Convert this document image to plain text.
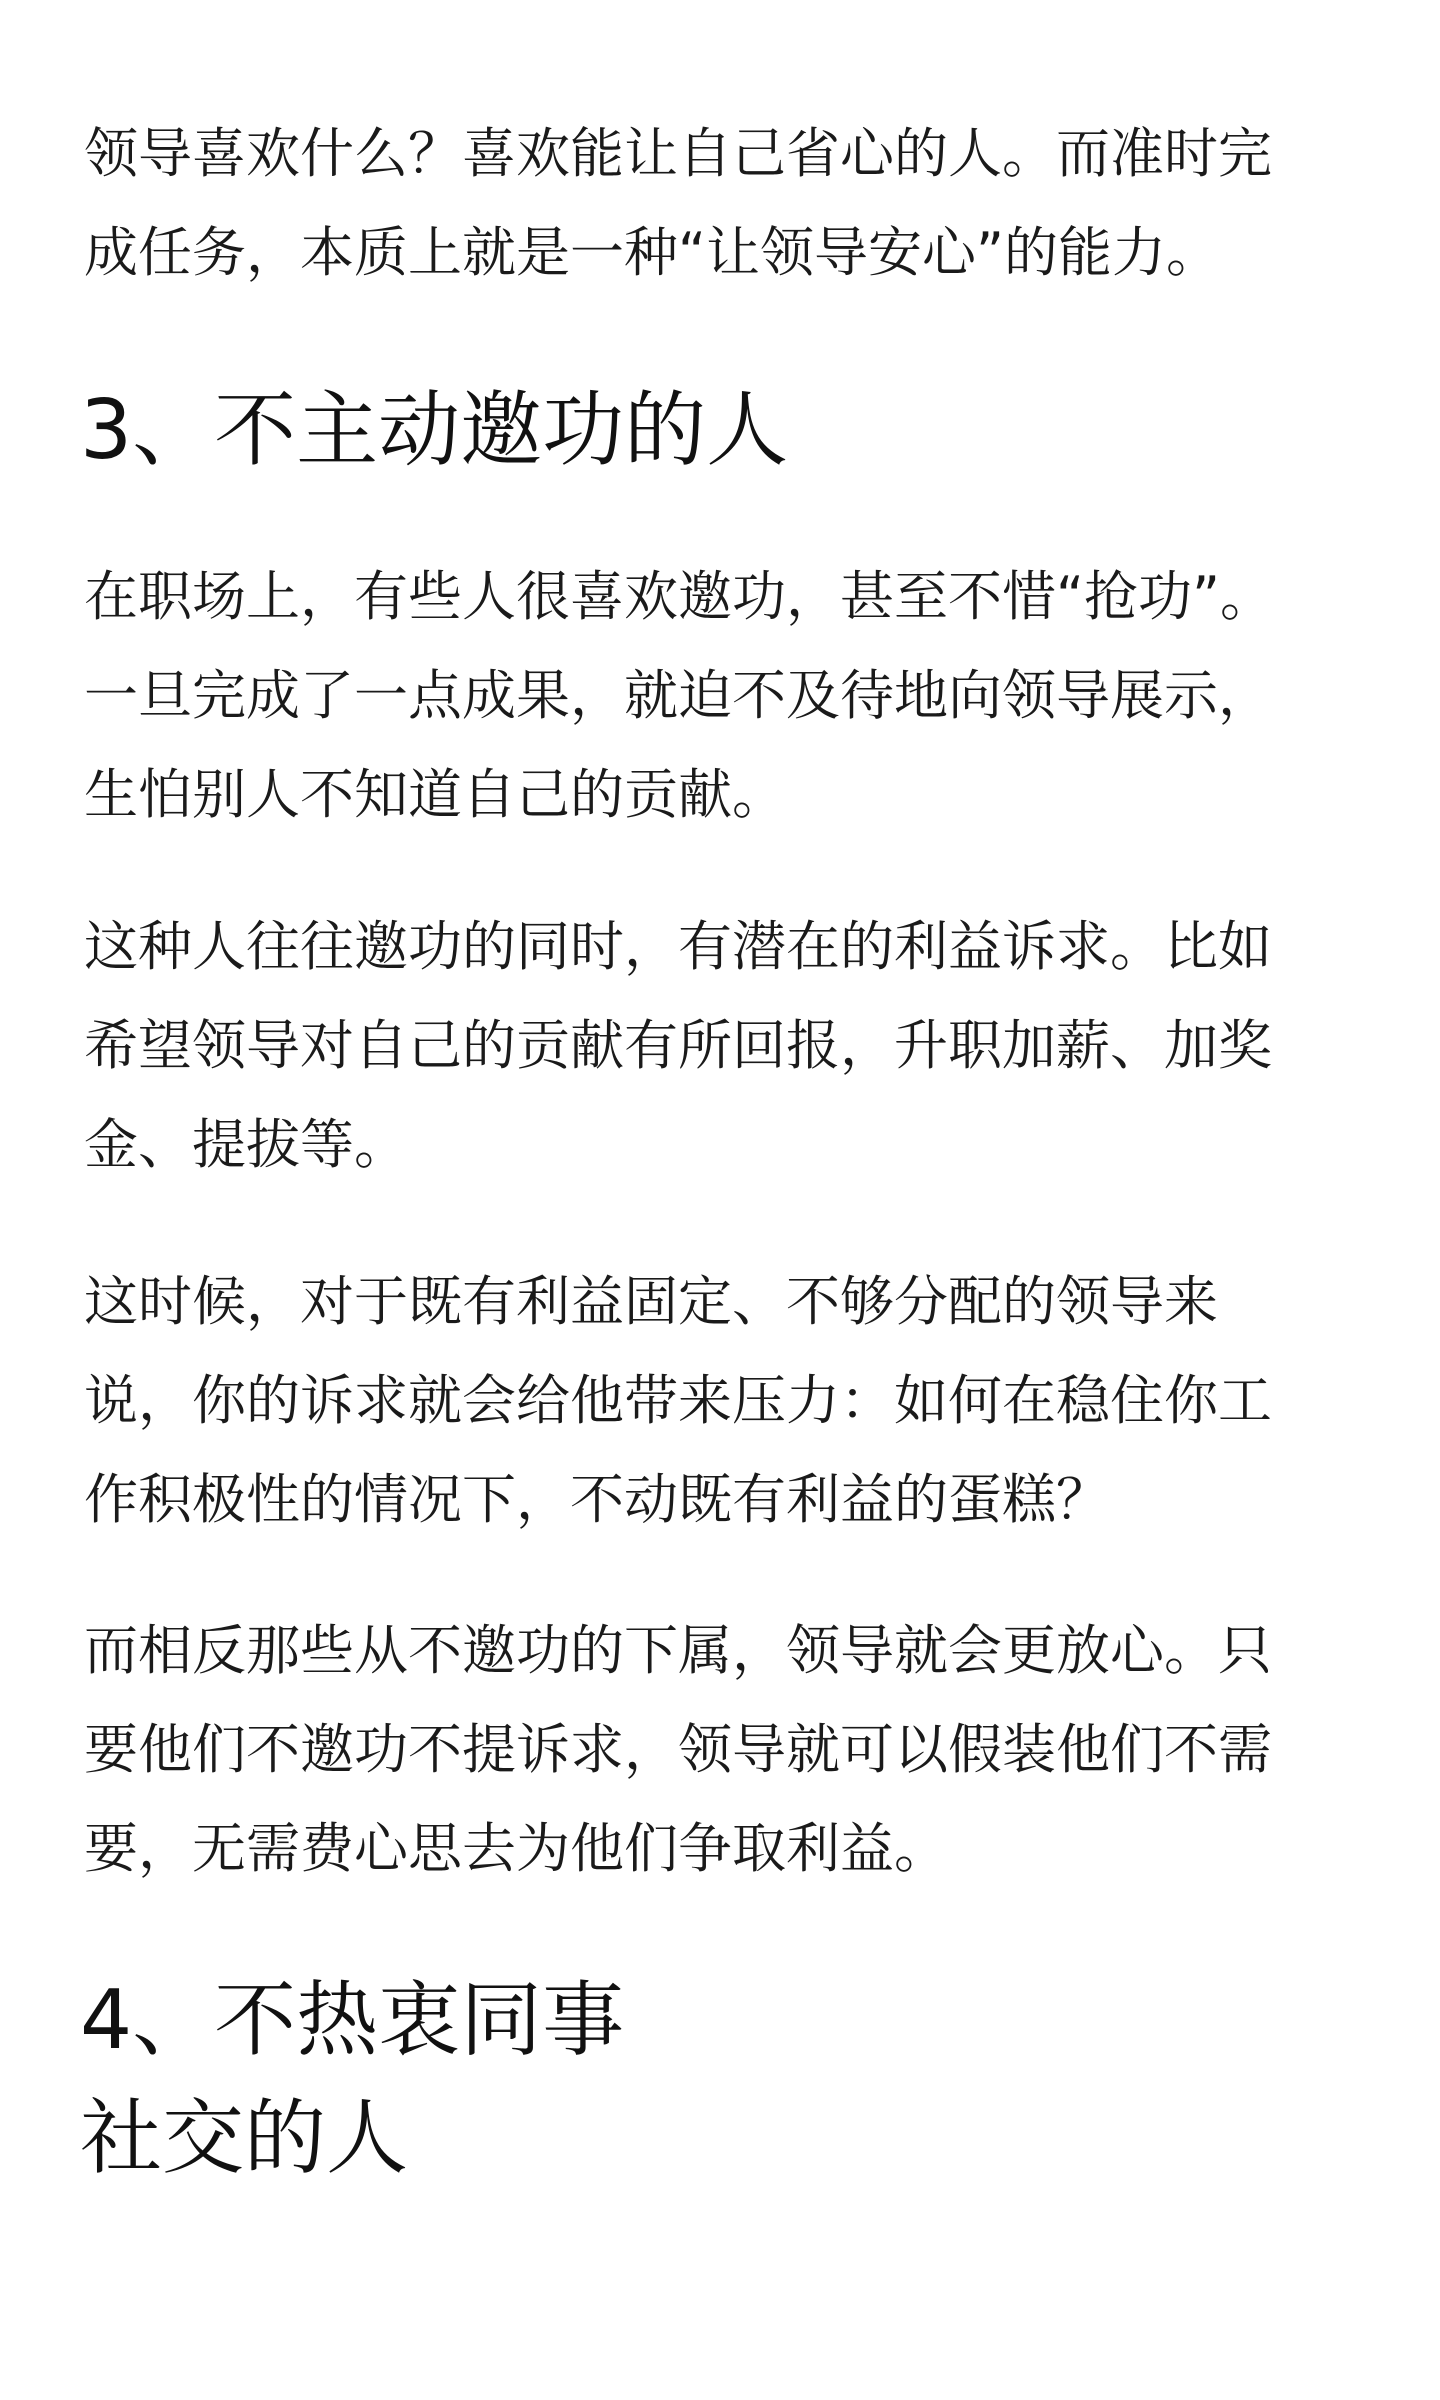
领导喜欢什么？喜欢能让自己省心的人。而准时完
成任务，本质上就是一种“让领导安心”的能力。

3、不主动邀功的人

在职场上，有些人很喜欢邀功，甚至不惜“抢功”。
一旦完成了一点成果，就迫不及待地向领导展示，
生怕别人不知道自己的贡献。

这种人往往邀功的同时，有潜在的利益诉求。比如
希望领导对自己的贡献有所回报，升职加薪、加奖
金、提拔等。

这时候，对于既有利益固定、不够分配的领导来
说，你的诉求就会给他带来压力：如何在稳住你工
作积极性的情况下，不动既有利益的蛋糕？

而相反那些从不邀功的下属，领导就会更放心。只
要他们不邀功不提诉求，领导就可以假装他们不需
要，无需费心思去为他们争取利益。

4、不热衷同事
社交的人
